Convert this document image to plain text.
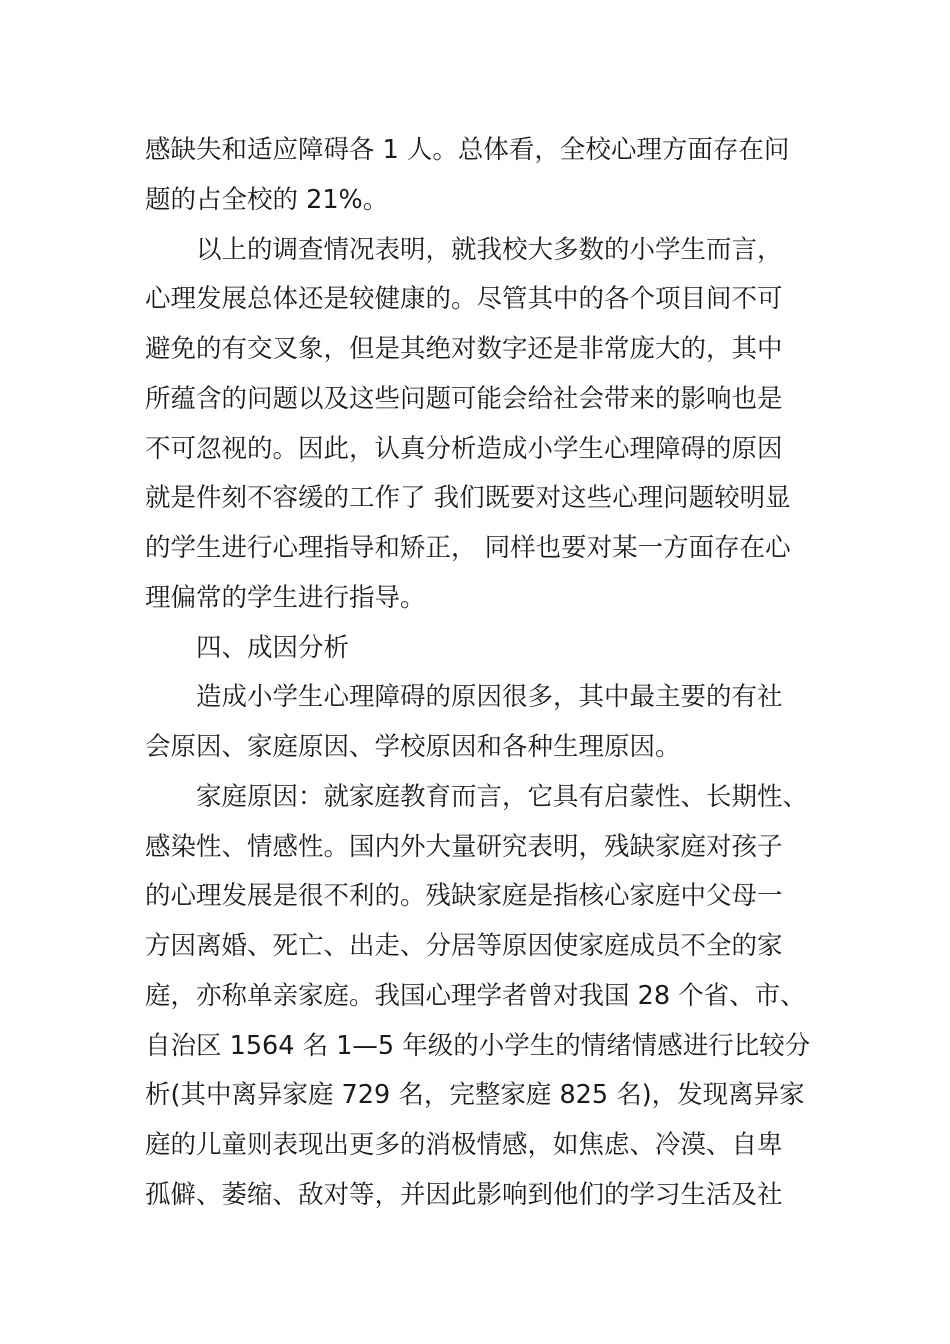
感缺失和适应障碍各 1 人。总体看，全校心理方面存在问
题的占全校的 21%。
以上的调查情况表明，就我校大多数的小学生而言，
心理发展总体还是较健康的。尽管其中的各个项目间不可
避免的有交叉象，但是其绝对数字还是非常庞大的，其中
所蕴含的问题以及这些问题可能会给社会带来的影响也是
不可忽视的。因此，认真分析造成小学生心理障碍的原因
就是件刻不容缓的工作了 我们既要对这些心理问题较明显
的学生进行心理指导和矫正， 同样也要对某一方面存在心
理偏常的学生进行指导。
四、成因分析
造成小学生心理障碍的原因很多，其中最主要的有社
会原因、家庭原因、学校原因和各种生理原因。
家庭原因：就家庭教育而言，它具有启蒙性、长期性、
感染性、情感性。国内外大量研究表明，残缺家庭对孩子
的心理发展是很不利的。残缺家庭是指核心家庭中父母一
方因离婚、死亡、出走、分居等原因使家庭成员不全的家
庭，亦称单亲家庭。我国心理学者曾对我国 28 个省、市、
自治区 1564 名 1—5 年级的小学生的情绪情感进行比较分
析(其中离异家庭 729 名，完整家庭 825 名)，发现离异家
庭的儿童则表现出更多的消极情感，如焦虑、冷漠、自卑
孤僻、萎缩、敌对等，并因此影响到他们的学习生活及社
